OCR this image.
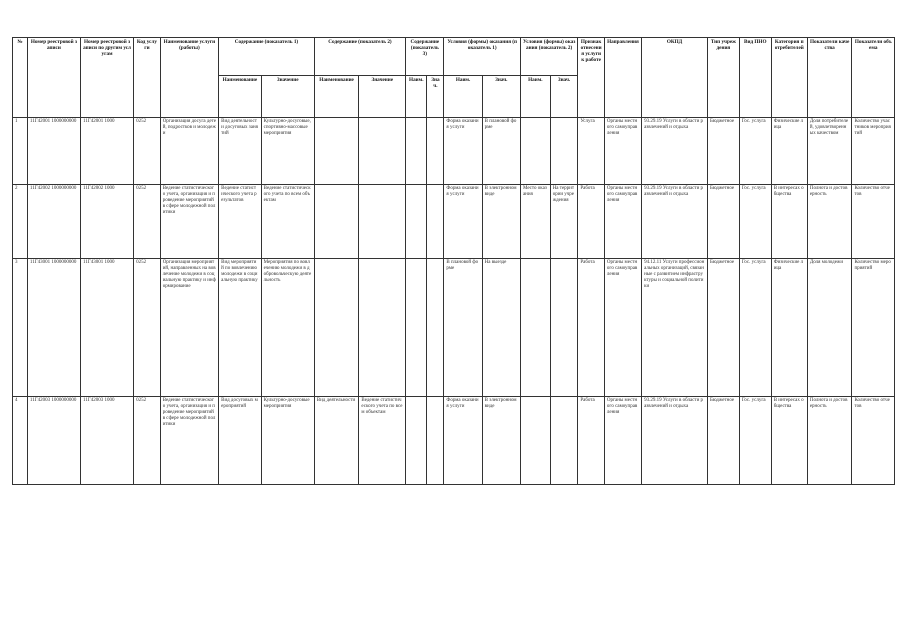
№	Номер реестровой записи	Номер реестровой записи по другим услугам	Код услуги	Наименование услуги (работы)	Содержание (показатель 1)		Содержание (показатель 2)		Содержание (показатель 3)		Условия (формы) оказания (показатель 1)		Условия (формы) оказания (показатель 2)		Признак отнесения услуги к работе	Направления	ОКПД	Тип учреждения	Вид ПНО	Категория потребителей	Показатели качества	Показатели объема
					Наименование	Значение	Наименование	Значение	Наим.	Знач.	Наим.	Знач.	Наим.	Знач.								
1	11Г42001 1000000000	11Г42001 1000	0252	Организация досуга детей, подростков и молодежи	Вид деятельности досуговых занятий	Культурно-досуговые, спортивно-массовые мероприятия					Форма оказания услуги	В плановой форме			Услуга	Органы местного самоуправления	93.29.19 Услуги в области развлечений и отдыха	Бюджетное	Гос. услуга	Физические лица	Доля потребителей, удовлетворенных качеством	Количество участников мероприятий
2	11Г42002 1000000000	11Г42002 1000	0252	Ведение статистического учета, организация и проведение мероприятий в сфере молодежной политики	Ведение статистического учета результатов	Ведение статистического учета по всем объектам					Форма оказания услуги	В электронном виде	Место оказания	На территории учреждения	Работа	Органы местного самоуправления	93.29.19 Услуги в области развлечений и отдыха	Бюджетное	Гос. услуга	В интересах общества	Полнота и достоверность	Количество отчетов
3	11Г43001 1000000000	11Г43001 1000	0252	Организация мероприятий, направленных на вовлечение молодежи в социальную практику и информирование	Вид мероприятий по вовлечению молодежи в социальную практику	Мероприятия по вовлечению молодежи в добровольческую деятельность					В плановой форме	На выезде			Работа	Органы местного самоуправления	94.12.11 Услуги профессиональных организаций, связанные с развитием инфраструктуры и социальной политики	Бюджетное	Гос. услуга	Физические лица	Доля молодежи	Количество мероприятий
4	11Г42003 1000000000	11Г42003 1000	0252	Ведение статистического учета, организация и проведение мероприятий в сфере молодежной политики	Вид досуговых мероприятий	Культурно-досуговые мероприятия	Вид деятельности	Ведение статистического учета по всем объектам			Форма оказания услуги	В электронном виде			Работа	Органы местного самоуправления	93.29.19 Услуги в области развлечений и отдыха	Бюджетное	Гос. услуга	В интересах общества	Полнота и достоверность	Количество отчетов
